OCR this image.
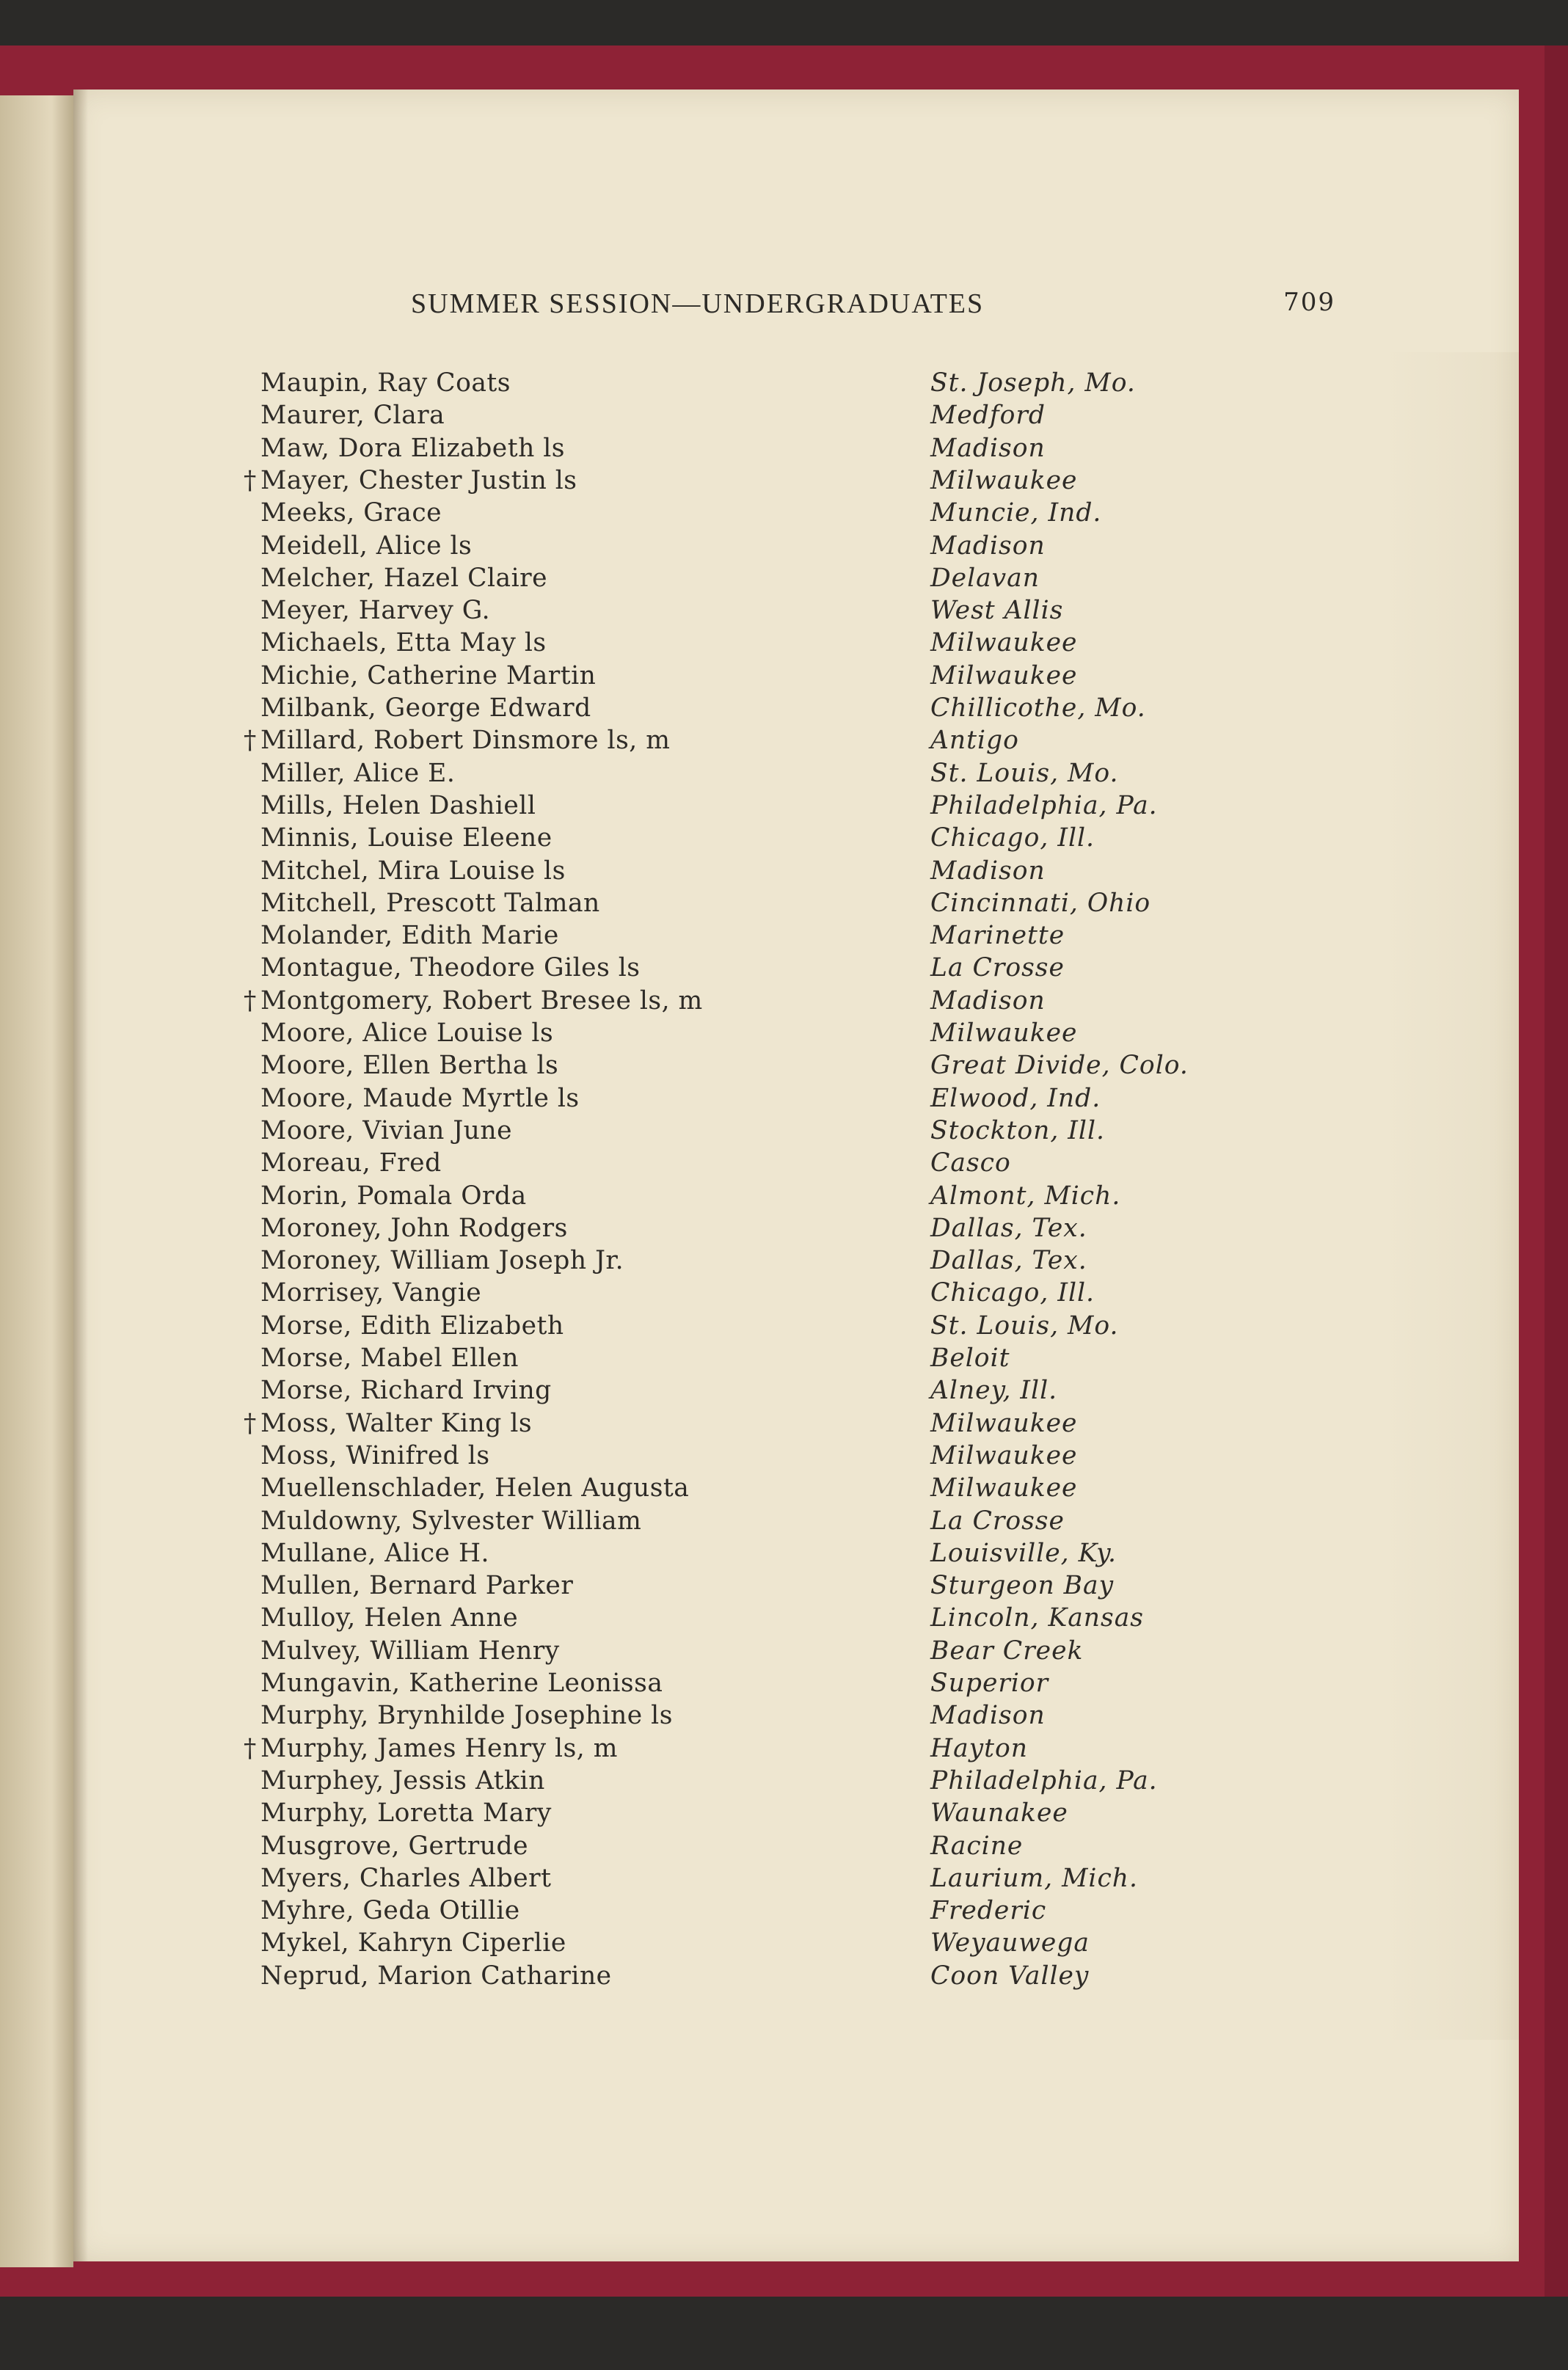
SUMMER SESSION—UNDERGRADUATES	709
Maupin, Ray Coats	St. Joseph, Mo.
Maurer, Clara	Medford
Maw, Dora Elizabeth ls	Madison
† Mayer, Chester Justin ls	Milwaukee
Meeks, Grace	Muncie, Ind.
Meidell, Alice ls	Madison
Melcher, Hazel Claire	Delavan
Meyer, Harvey G.	West Allis
Michaels, Etta May ls	Milwaukee
Michie, Catherine Martin	Milwaukee
Milbank, George Edward	Chillicothe, Mo.
† Millard, Robert Dinsmore ls, m	Antigo
Miller, Alice E.	St. Louis, Mo.
Mills, Helen Dashiell	Philadelphia, Pa.
Minnis, Louise Eleene	Chicago, Ill.
Mitchel, Mira Louise ls	Madison
Mitchell, Prescott Talman	Cincinnati, Ohio
Molander, Edith Marie	Marinette
Montague, Theodore Giles ls	La Crosse
† Montgomery, Robert Bresee ls, m	Madison
Moore, Alice Louise ls	Milwaukee
Moore, Ellen Bertha ls	Great Divide, Colo.
Moore, Maude Myrtle ls	Elwood, Ind.
Moore, Vivian June	Stockton, Ill.
Moreau, Fred	Casco
Morin, Pomala Orda	Almont, Mich.
Moroney, John Rodgers	Dallas, Tex.
Moroney, William Joseph Jr.	Dallas, Tex.
Morrisey, Vangie	Chicago, Ill.
Morse, Edith Elizabeth	St. Louis, Mo.
Morse, Mabel Ellen	Beloit
Morse, Richard Irving	Alney, Ill.
† Moss, Walter King ls	Milwaukee
Moss, Winifred ls	Milwaukee
Muellenschlader, Helen Augusta	Milwaukee
Muldowny, Sylvester William	La Crosse
Mullane, Alice H.	Louisville, Ky.
Mullen, Bernard Parker	Sturgeon Bay
Mulloy, Helen Anne	Lincoln, Kansas
Mulvey, William Henry	Bear Creek
Mungavin, Katherine Leonissa	Superior
Murphy, Brynhilde Josephine ls	Madison
† Murphy, James Henry ls, m	Hayton
Murphey, Jessis Atkin	Philadelphia, Pa.
Murphy, Loretta Mary	Waunakee
Musgrove, Gertrude	Racine
Myers, Charles Albert	Laurium, Mich.
Myhre, Geda Otillie	Frederic
Mykel, Kahryn Ciperlie	Weyauwega
Neprud, Marion Catharine	Coon Valley
